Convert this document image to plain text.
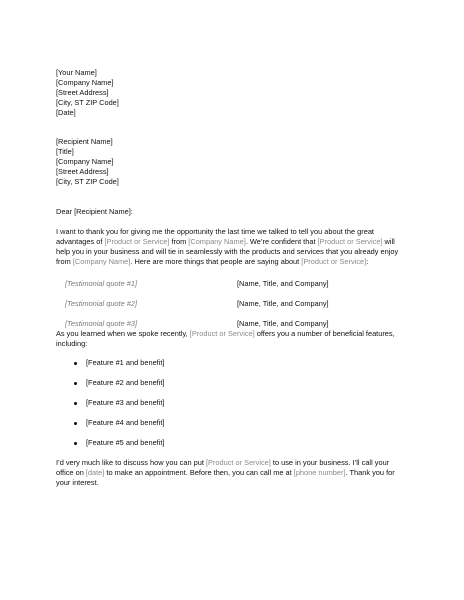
[Your Name]

[Company Name]

[Street Address]

[City, ST ZIP Code]

[Date]

[Recipient Name]

[Title]

[Company Name]

[Street Address]

[City, ST ZIP Code]

Dear [Recipient Name]:

I want to thank you for giving me the opportunity the last time we talked to tell you about the great advantages of [Product or Service] from [Company Name]. We’re confident that [Product or Service] will help you in your business and will tie in seamlessly with the products and services that you already enjoy from [Company Name]. Here are more things that people are saying about [Product or Service]:

[Testimonial quote #1]	[Name, Title, and Company]
[Testimonial quote #2]	[Name, Title, and Company]
[Testimonial quote #3]	[Name, Title, and Company]

As you learned when we spoke recently, [Product or Service] offers you a number of beneficial features, including:

[Feature #1 and benefit]
[Feature #2 and benefit]
[Feature #3 and benefit]
[Feature #4 and benefit]
[Feature #5 and benefit]

I’d very much like to discuss how you can put [Product or Service] to use in your business. I’ll call your office on [date] to make an appointment. Before then, you can call me at [phone number]. Thank you for your interest.
